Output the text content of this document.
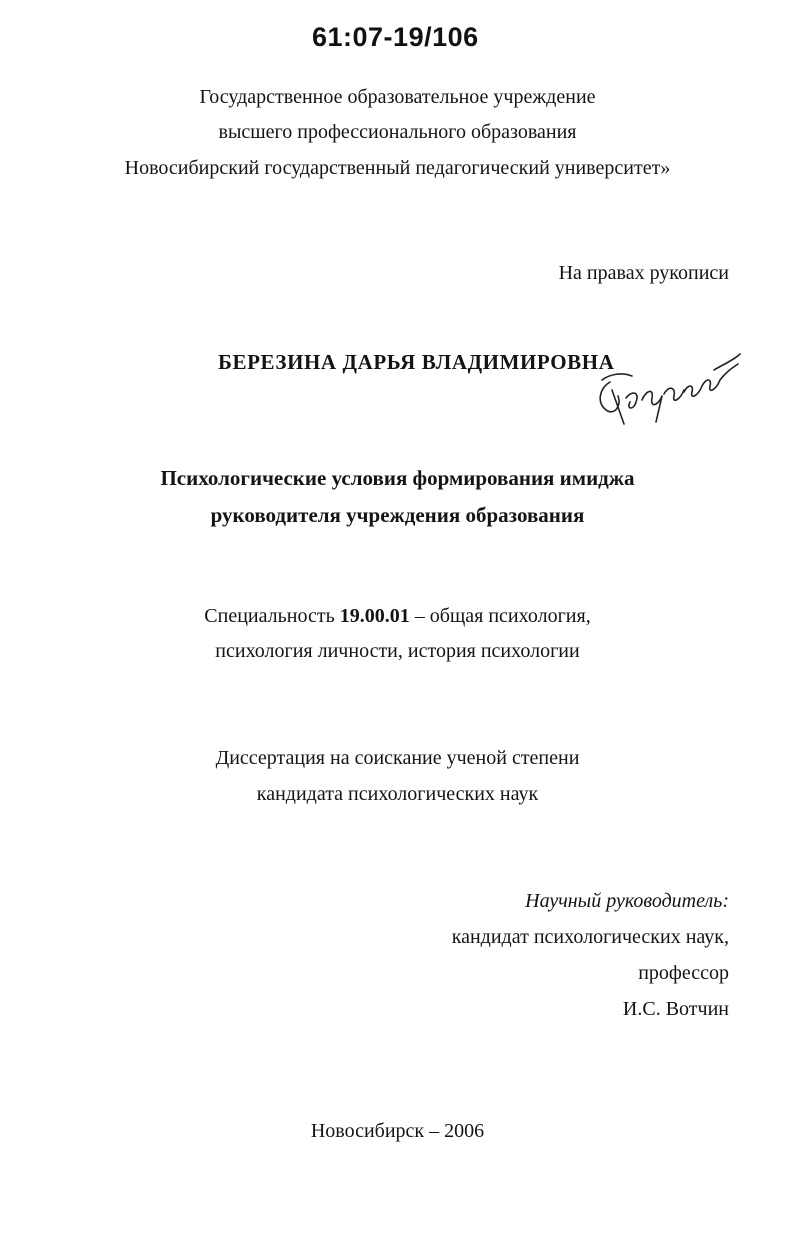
61:07-19/106
Государственное образовательное учреждение
высшего профессионального образования
Новосибирский государственный педагогический университет»
На правах рукописи
БЕРЕЗИНА ДАРЬЯ ВЛАДИМИРОВНА
Психологические условия формирования имиджа
руководителя учреждения образования
Специальность 19.00.01 – общая психология,
психология личности, история психологии
Диссертация на соискание ученой степени
кандидата психологических наук
Научный руководитель:
кандидат психологических наук,
профессор
И.С. Вотчин
Новосибирск – 2006
